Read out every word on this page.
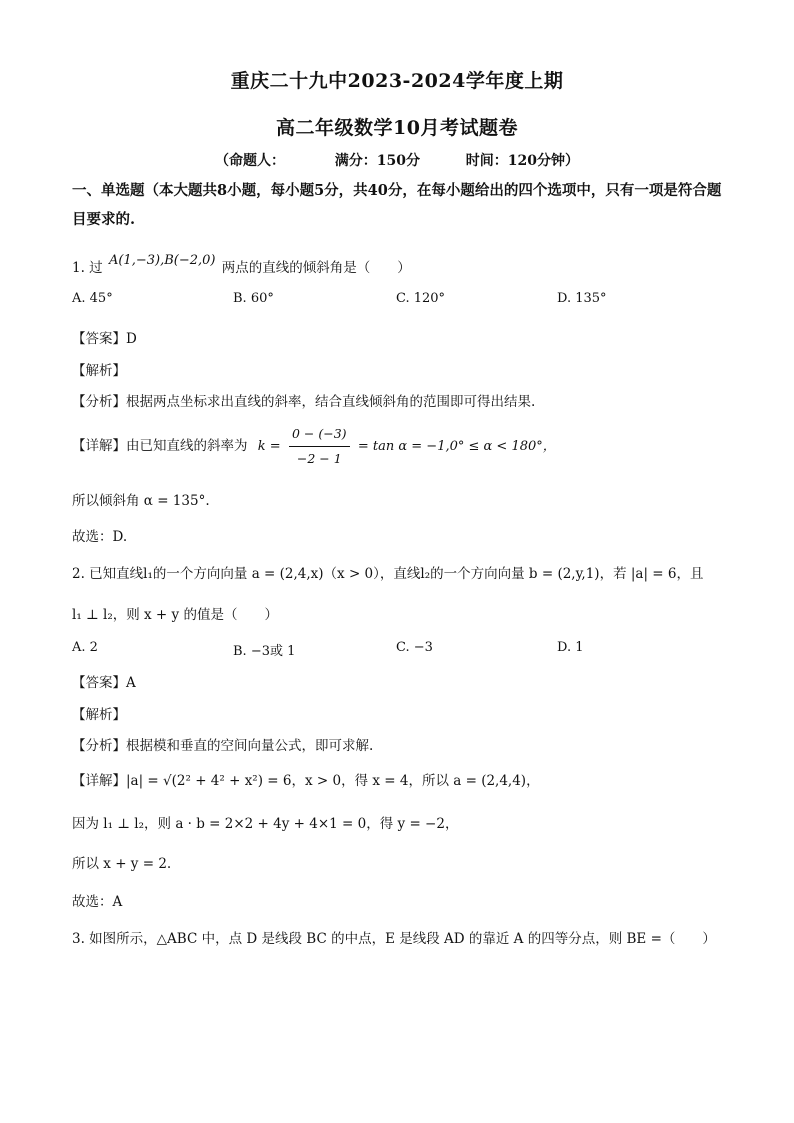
重庆二十九中2023-2024学年度上期
高二年级数学10月考试题卷
（命题人：	满分：150分	时间：120分钟）
一、单选题（本大题共8小题，每小题5分，共40分，在每小题给出的四个选项中，只有一项是符合题目要求的.
1. 过 A(1,−3),B(−2,0) 两点的直线的倾斜角是（　　）
A. 45°	B. 60°	C. 120°	D. 135°
【答案】D
【解析】
【分析】根据两点坐标求出直线的斜率，结合直线倾斜角的范围即可得出结果.
【详解】由已知直线的斜率为 $k = \frac{0 - (-3)}{-2 - 1} = \tan \alpha = -1,0^\circ \le \alpha < 180^\circ$，
所以倾斜角 α = 135°.
故选：D.
2. 已知直线l₁的一个方向向量 a = (2,4,x)（x > 0），直线l₂的一个方向向量 b = (2,y,1)，若 |a| = 6，且
l₁ ⊥ l₂，则 x + y 的值是（　　）
A. 2	B. −3或 1	C. −3	D. 1
【答案】A
【解析】
【分析】根据模和垂直的空间向量公式，即可求解.
【详解】|a| = √(2² + 4² + x²) = 6，x > 0，得 x = 4，所以 a = (2,4,4)，
因为 l₁ ⊥ l₂，则 a · b = 2×2 + 4y + 4×1 = 0，得 y = −2，
所以 x + y = 2.
故选：A
3. 如图所示，△ABC 中，点 D 是线段 BC 的中点，E 是线段 AD 的靠近 A 的四等分点，则 BE =（　　）
